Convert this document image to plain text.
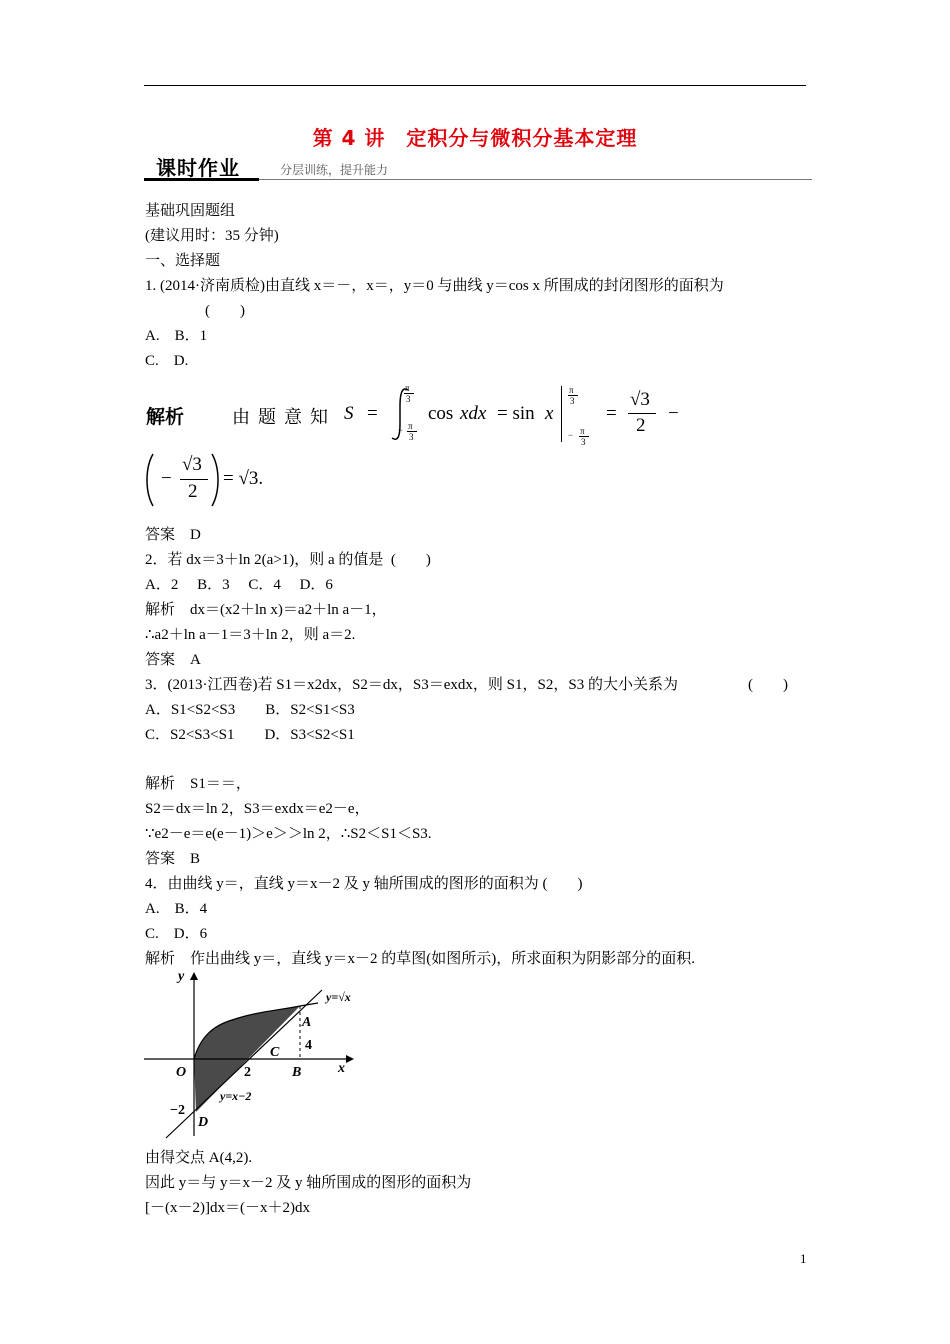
第 4 讲　定积分与微积分基本定理
课时作业	分层训练，提升能力
基础巩固题组
(建议用时：35 分钟)
一、选择题
1. (2014·济南质检)由直线 x＝－，x＝，y＝0 与曲线 y＝cos x 所围成的封闭图形的面积为
(　　)
A.　B．1
C.　D.
解析	由题意知 S =
π
3
− π
3
cos xdx = sin x
π
3
− π
3
=
√3
2
−
−
√3
2
= √3.
答案　D
2．若 dx＝3＋ln 2(a>1)，则 a 的值是  (　　)
A．2　 B．3　 C．4　 D．6
解析　dx＝(x2＋ln x)＝a2＋ln a－1，
∴a2＋ln a－1＝3＋ln 2，则 a＝2.
答案　A
3．(2013·江西卷)若 S1＝x2dx，S2＝dx，S3＝exdx，则 S1，S2，S3 的大小关系为	(　　)
A．S1<S2<S3　　B．S2<S1<S3
C．S2<S3<S1　　D．S3<S2<S1
解析　S1＝＝，
S2＝dx＝ln 2，S3＝exdx＝e2－e，
∵e2－e＝e(e－1)＞e＞＞ln 2，∴S2＜S1＜S3.
答案　B
4．由曲线 y＝，直线 y＝x－2 及 y 轴所围成的图形的面积为 (　　)
A.　B．4
C.　D．6
解析　作出曲线 y＝，直线 y＝x－2 的草图(如图所示)，所求面积为阴影部分的面积.
y
x
O	2
−2
A
B
C
D
4
y=√x
y=x−2
由得交点 A(4,2).
因此 y＝与 y＝x－2 及 y 轴所围成的图形的面积为
[－(x－2)]dx＝(－x＋2)dx
1
